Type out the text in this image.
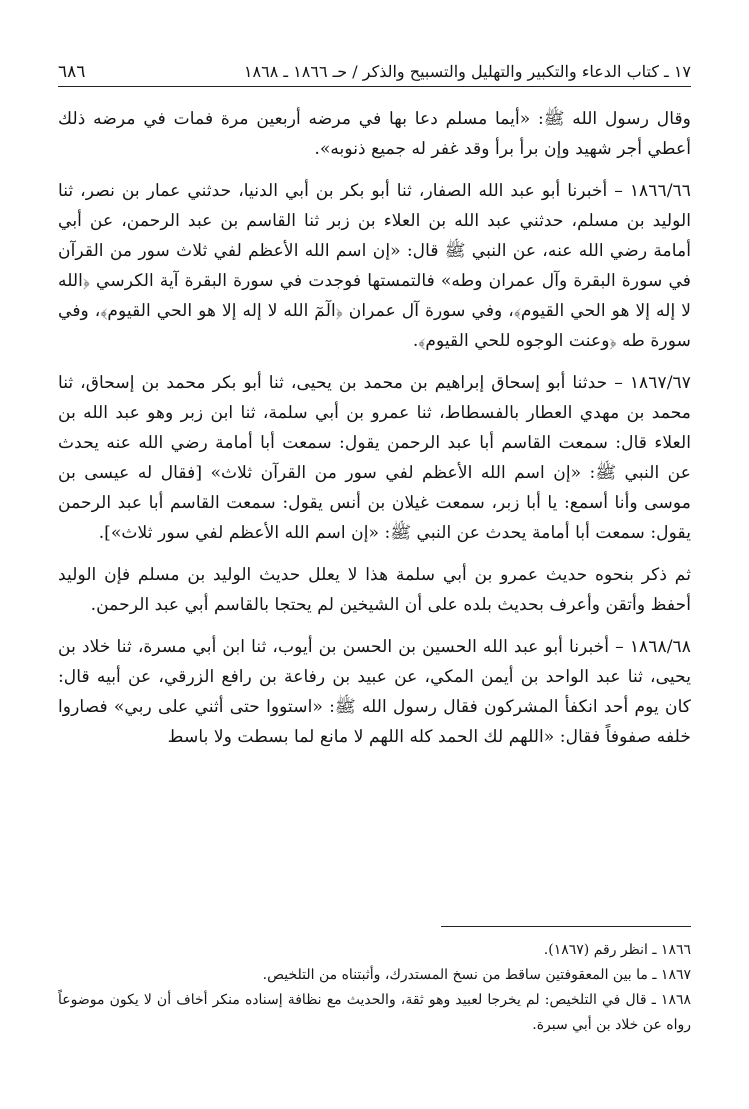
١٧ ـ كتاب الدعاء والتكبير والتهليل والتسبيح والذكر / حـ ١٨٦٦ ـ ١٨٦٨
٦٨٦

وقال رسول الله ﷺ: «أيما مسلم دعا بها في مرضه أربعين مرة فمات في مرضه ذلك أعطي أجر شهيد وإن برأ برأ وقد غفر له جميع ذنوبه».

١٨٦٦/٦٦ – أخبرنا أبو عبد الله الصفار، ثنا أبو بكر بن أبي الدنيا، حدثني عمار بن نصر، ثنا الوليد بن مسلم، حدثني عبد الله بن العلاء بن زبر ثنا القاسم بن عبد الرحمن، عن أبي أمامة رضي الله عنه، عن النبي ﷺ قال: «إن اسم الله الأعظم لفي ثلاث سور من القرآن في سورة البقرة وآل عمران وطه» فالتمستها فوجدت في سورة البقرة آية الكرسي ﴿الله لا إله إلا هو الحي القيوم﴾، وفي سورة آل عمران ﴿الٓمٓ الله لا إله إلا هو الحي القيوم﴾، وفي سورة طه ﴿وعنت الوجوه للحي القيوم﴾.

١٨٦٧/٦٧ – حدثنا أبو إسحاق إبراهيم بن محمد بن يحيى، ثنا أبو بكر محمد بن إسحاق، ثنا محمد بن مهدي العطار بالفسطاط، ثنا عمرو بن أبي سلمة، ثنا ابن زبر وهو عبد الله بن العلاء قال: سمعت القاسم أبا عبد الرحمن يقول: سمعت أبا أمامة رضي الله عنه يحدث عن النبي ﷺ: «إن اسم الله الأعظم لفي سور من القرآن ثلاث» [فقال له عيسى بن موسى وأنا أسمع: يا أبا زبر، سمعت غيلان بن أنس يقول: سمعت القاسم أبا عبد الرحمن يقول: سمعت أبا أمامة يحدث عن النبي ﷺ: «إن اسم الله الأعظم لفي سور ثلاث»].

ثم ذكر بنحوه حديث عمرو بن أبي سلمة هذا لا يعلل حديث الوليد بن مسلم فإن الوليد أحفظ وأتقن وأعرف بحديث بلده على أن الشيخين لم يحتجا بالقاسم أبي عبد الرحمن.

١٨٦٨/٦٨ – أخبرنا أبو عبد الله الحسين بن الحسن بن أيوب، ثنا ابن أبي مسرة، ثنا خلاد بن يحيى، ثنا عبد الواحد بن أيمن المكي، عن عبيد بن رفاعة بن رافع الزرقي، عن أبيه قال: كان يوم أحد انكفأ المشركون فقال رسول الله ﷺ: «استووا حتى أثني على ربي» فصاروا خلفه صفوفاً فقال: «اللهم لك الحمد كله اللهم لا مانع لما بسطت ولا باسط

١٨٦٦ ـ انظر رقم (١٨٦٧).

١٨٦٧ ـ ما بين المعقوفتين ساقط من نسخ المستدرك، وأثبتناه من التلخيص.

١٨٦٨ ـ قال في التلخيص: لم يخرجا لعبيد وهو ثقة، والحديث مع نظافة إسناده منكر أخاف أن لا يكون موضوعاً رواه عن خلاد بن أبي سبرة.
